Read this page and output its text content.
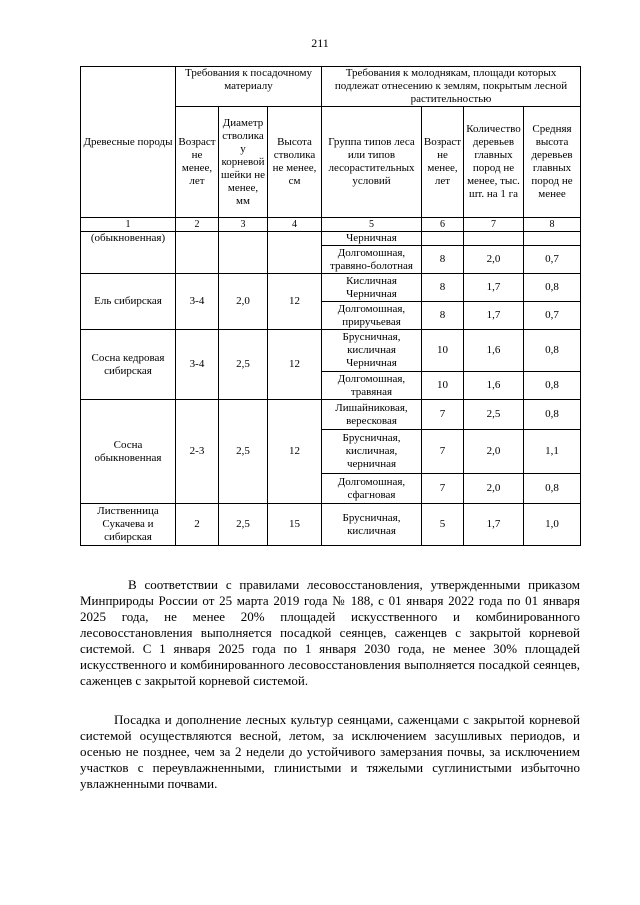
211
Древесные породы	Требования к посадочному материалу			Требования к молоднякам, площади которых подлежат отнесению к землям, покрытым лесной растительностью			
	Возраст не менее, лет	Диаметр стволика у корневой шейки не менее, мм	Высота стволика не менее, см	Группа типов леса или типов лесорастительных условий	Возраст не менее, лет	Количество деревьев главных пород не менее, тыс. шт. на 1 га	Средняя высота деревьев главных пород не менее
1	2	3	4	5	6	7	8
(обыкновенная)				Черничная			
				Долгомошная, травяно-болотная	8	2,0	0,7
Ель сибирская	3-4	2,0	12	Кисличная Черничная	8	1,7	0,8
				Долгомошная, приручьевая	8	1,7	0,7
Сосна кедровая сибирская	3-4	2,5	12	Брусничная, кисличная Черничная	10	1,6	0,8
				Долгомошная, травяная	10	1,6	0,8
Сосна обыкновенная	2-3	2,5	12	Лишайниковая, вересковая	7	2,5	0,8
				Брусничная, кисличная, черничная	7	2,0	1,1
				Долгомошная, сфагновая	7	2,0	0,8
Лиственница Сукачева и сибирская	2	2,5	15	Брусничная, кисличная	5	1,7	1,0

В соответствии с правилами лесовосстановления, утвержденными приказом Минприроды России от 25 марта 2019 года № 188, с 01 января 2022 года по 01 января 2025 года, не менее 20% площадей искусственного и комбинированного лесовосстановления выполняется посадкой сеянцев, саженцев с закрытой корневой системой. С 1 января 2025 года по 1 января 2030 года, не менее 30% площадей искусственного и комбинированного лесовосстановления выполняется посадкой сеянцев, саженцев с закрытой корневой системой.

Посадка и дополнение лесных культур сеянцами, саженцами с закрытой корневой системой осуществляются весной, летом, за исключением засушливых периодов, и осенью не позднее, чем за 2 недели до устойчивого замерзания почвы, за исключением участков с переувлажненными, глинистыми и тяжелыми суглинистыми избыточно увлажненными почвами.
